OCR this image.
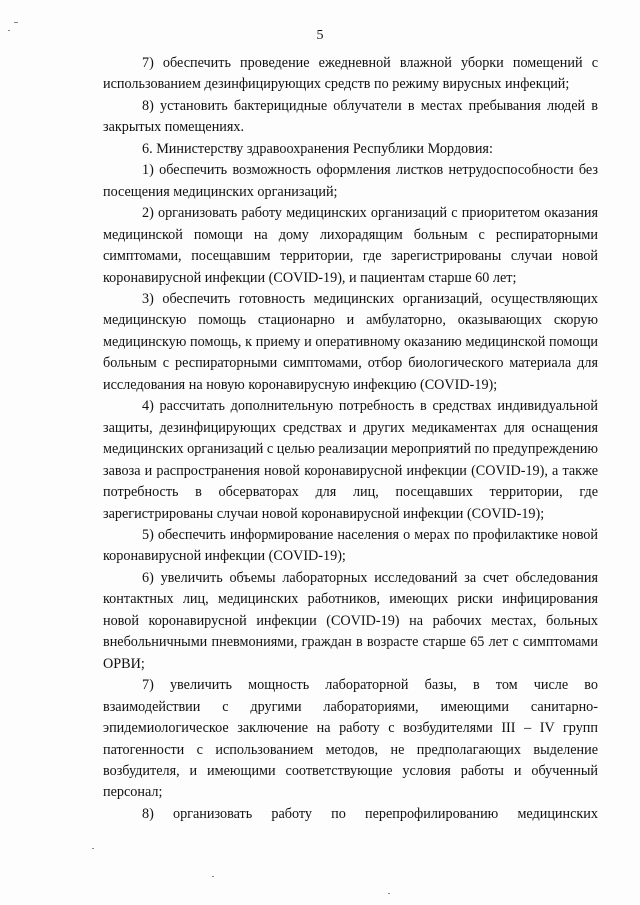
5

7) обеспечить проведение ежедневной влажной уборки помещений с использованием дезинфицирующих средств по режиму вирусных инфекций;

8) установить бактерицидные облучатели в местах пребывания людей в закрытых помещениях.

6. Министерству здравоохранения Республики Мордовия:

1) обеспечить возможность оформления листков нетрудоспособности без посещения медицинских организаций;

2) организовать работу медицинских организаций с приоритетом оказания медицинской помощи на дому лихорадящим больным с респираторными симптомами, посещавшим территории, где зарегистрированы случаи новой коронавирусной инфекции (COVID-19), и пациентам старше 60 лет;

3) обеспечить готовность медицинских организаций, осуществляющих медицинскую помощь стационарно и амбулаторно, оказывающих скорую медицинскую помощь, к приему и оперативному оказанию медицинской помощи больным с респираторными симптомами, отбор биологического материала для исследования на новую коронавирусную инфекцию (COVID-19);

4) рассчитать дополнительную потребность в средствах индивидуальной защиты, дезинфицирующих средствах и других медикаментах для оснащения медицинских организаций с целью реализации мероприятий по предупреждению завоза и распространения новой коронавирусной инфекции (COVID-19), а также потребность в обсерваторах для лиц, посещавших территории, где зарегистрированы случаи новой коронавирусной инфекции (COVID-19);

5) обеспечить информирование населения о мерах по профилактике новой коронавирусной инфекции (COVID-19);

6) увеличить объемы лабораторных исследований за счет обследования контактных лиц, медицинских работников, имеющих риски инфицирования новой коронавирусной инфекции (COVID-19) на рабочих местах, больных внебольничными пневмониями, граждан в возрасте старше 65 лет с симптомами ОРВИ;

7) увеличить мощность лабораторной базы, в том числе во взаимодействии с другими лабораториями, имеющими санитарно-эпидемиологическое заключение на работу с возбудителями III – IV групп патогенности с использованием методов, не предполагающих выделение возбудителя, и имеющими соответствующие условия работы и обученный персонал;

8) организовать работу по перепрофилированию медицинских
